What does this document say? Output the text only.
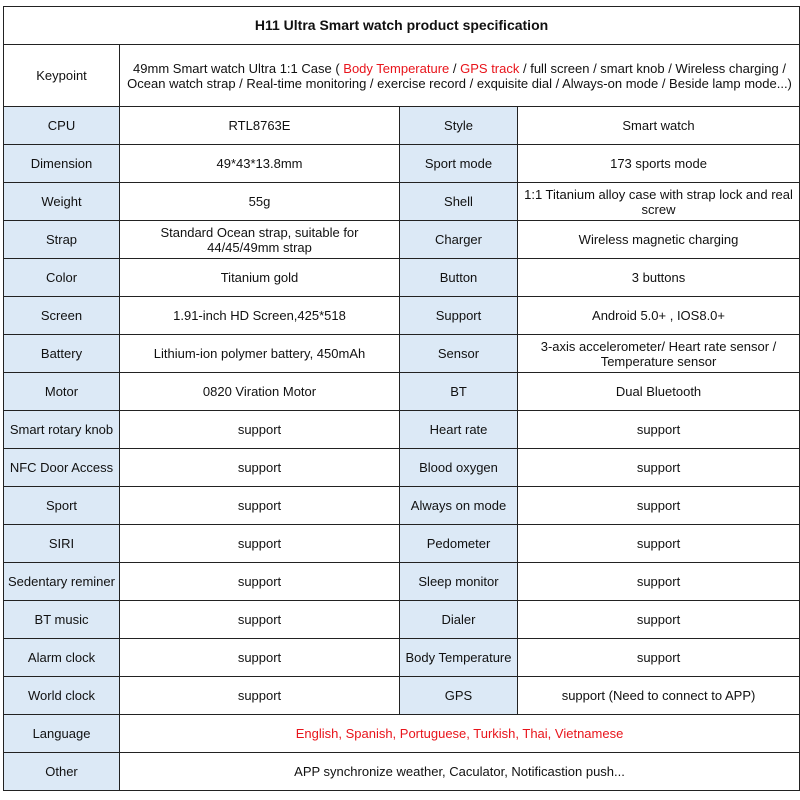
H11 Ultra Smart watch product specification			
Keypoint	49mm Smart watch Ultra 1:1 Case ( Body Temperature / GPS track / full screen / smart knob / Wireless charging / Ocean watch strap / Real-time monitoring / exercise record / exquisite dial / Always-on mode / Beside lamp mode...)		
CPU	RTL8763E	Style	Smart watch
Dimension	49*43*13.8mm	Sport mode	173 sports mode
Weight	55g	Shell	1:1 Titanium alloy case with strap lock and real screw
Strap	Standard Ocean strap, suitable for 44/45/49mm strap	Charger	Wireless magnetic charging
Color	Titanium gold	Button	3 buttons
Screen	1.91-inch HD Screen,425*518	Support	Android 5.0+ , IOS8.0+
Battery	Lithium-ion polymer battery, 450mAh	Sensor	3-axis accelerometer/ Heart rate sensor / Temperature sensor
Motor	0820 Viration Motor	BT	Dual Bluetooth
Smart rotary knob	support	Heart rate	support
NFC Door Access	support	Blood oxygen	support
Sport	support	Always on mode	support
SIRI	support	Pedometer	support
Sedentary reminer	support	Sleep monitor	support
BT music	support	Dialer	support
Alarm clock	support	Body Temperature	support
World clock	support	GPS	support (Need to connect to APP)
Language	English, Spanish, Portuguese, Turkish, Thai, Vietnamese		
Other	APP synchronize weather, Caculator, Notificastion push...		
